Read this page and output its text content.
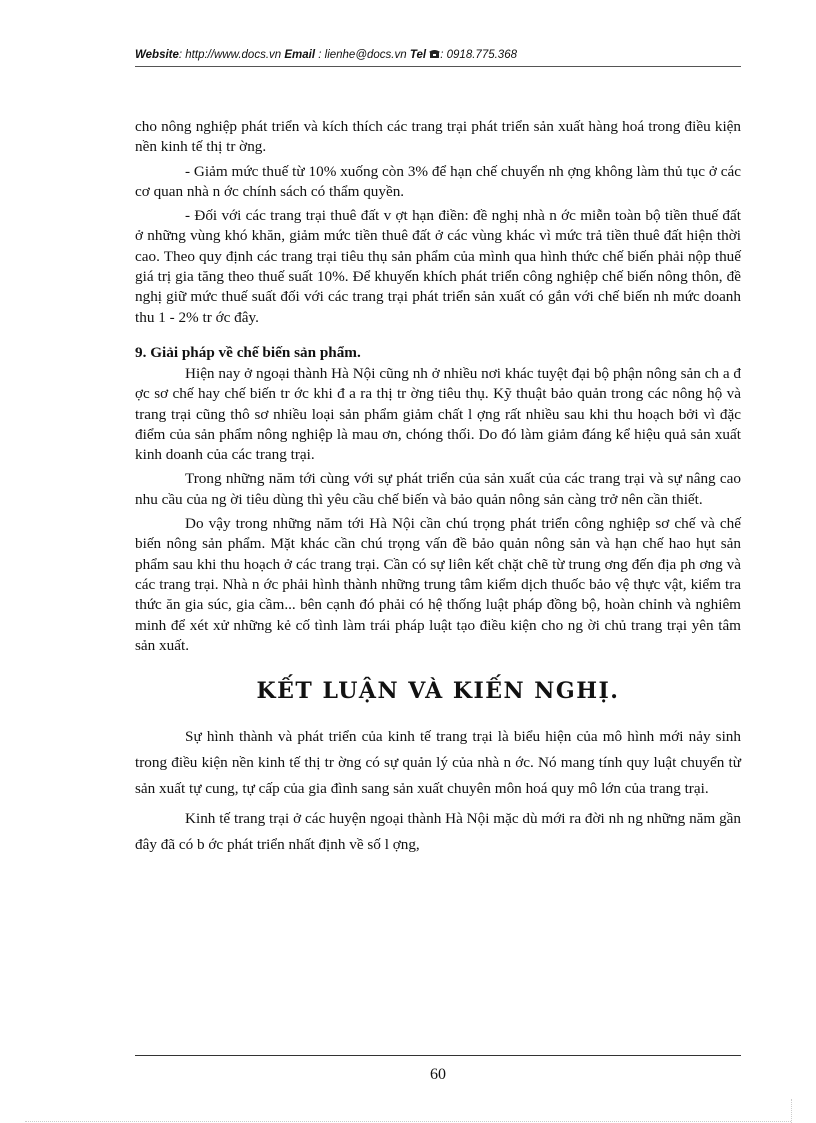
Website: http://www.docs.vn Email : lienhe@docs.vn Tel : 0918.775.368

cho nông nghiệp phát triển và kích thích các trang trại phát triển sản xuất hàng hoá trong điều kiện nền kinh tế thị tr ờng.

- Giảm mức thuế từ 10% xuống còn 3% để hạn chế chuyển nh ợng không làm thủ tục ở các cơ quan nhà n ớc chính sách có thẩm quyền.

- Đối với các trang trại thuê đất v ợt hạn điền: đề nghị nhà n ớc miễn toàn bộ tiền thuế đất ở những vùng khó khăn, giảm mức tiền thuê đất ở các vùng khác vì mức trả tiền thuê đất hiện thời cao. Theo quy định các trang trại tiêu thụ sản phẩm của mình qua hình thức chế biến phải nộp thuế giá trị gia tăng theo thuế suất 10%. Để khuyến khích phát triển công nghiệp chế biến nông thôn, đề nghị giữ mức thuế suất đối với các trang trại phát triển sản xuất có gắn với chế biến nh mức doanh thu 1 - 2% tr ớc đây.

9. Giải pháp về chế biến sản phẩm.

Hiện nay ở ngoại thành Hà Nội cũng nh ở nhiều nơi khác tuyệt đại bộ phận nông sản ch a đ ợc sơ chế hay chế biến tr ớc khi đ a ra thị tr ờng tiêu thụ. Kỹ thuật bảo quản trong các nông hộ và trang trại cũng thô sơ nhiều loại sản phẩm giảm chất l ợng rất nhiều sau khi thu hoạch bởi vì đặc điểm của sản phẩm nông nghiệp là mau ơn, chóng thối. Do đó làm giảm đáng kể hiệu quả sản xuất kinh doanh của các trang trại.

Trong những năm tới cùng với sự phát triển của sản xuất của các trang trại và sự nâng cao nhu cầu của ng ời tiêu dùng thì yêu cầu chế biến và bảo quản nông sản càng trở nên cần thiết.

Do vậy trong những năm tới Hà Nội cần chú trọng phát triển công nghiệp sơ chế và chế biến nông sản phẩm. Mặt khác cần chú trọng vấn đề bảo quản nông sản và hạn chế hao hụt sản phẩm sau khi thu hoạch ở các trang trại. Cần có sự liên kết chặt chẽ từ trung ơng đến địa ph ơng và các trang trại. Nhà n ớc phải hình thành những trung tâm kiểm dịch thuốc bảo vệ thực vật, kiểm tra thức ăn gia súc, gia cầm... bên cạnh đó phải có hệ thống luật pháp đồng bộ, hoàn chỉnh và nghiêm minh để xét xử những kẻ cố tình làm trái pháp luật tạo điều kiện cho ng ời chủ trang trại yên tâm sản xuất.

KẾT LUẬN VÀ KIẾN NGHỊ.

Sự hình thành và phát triển của kinh tế trang trại là biểu hiện của mô hình mới nảy sinh trong điều kiện nền kinh tế thị tr ờng có sự quản lý của nhà n ớc. Nó mang tính quy luật chuyển từ sản xuất tự cung, tự cấp của gia đình sang sản xuất chuyên môn hoá quy mô lớn của trang trại.

Kinh tế trang trại ở các huyện ngoại thành Hà Nội mặc dù mới ra đời nh ng những năm gần đây đã có b ớc phát triển nhất định về số l ợng,

60
